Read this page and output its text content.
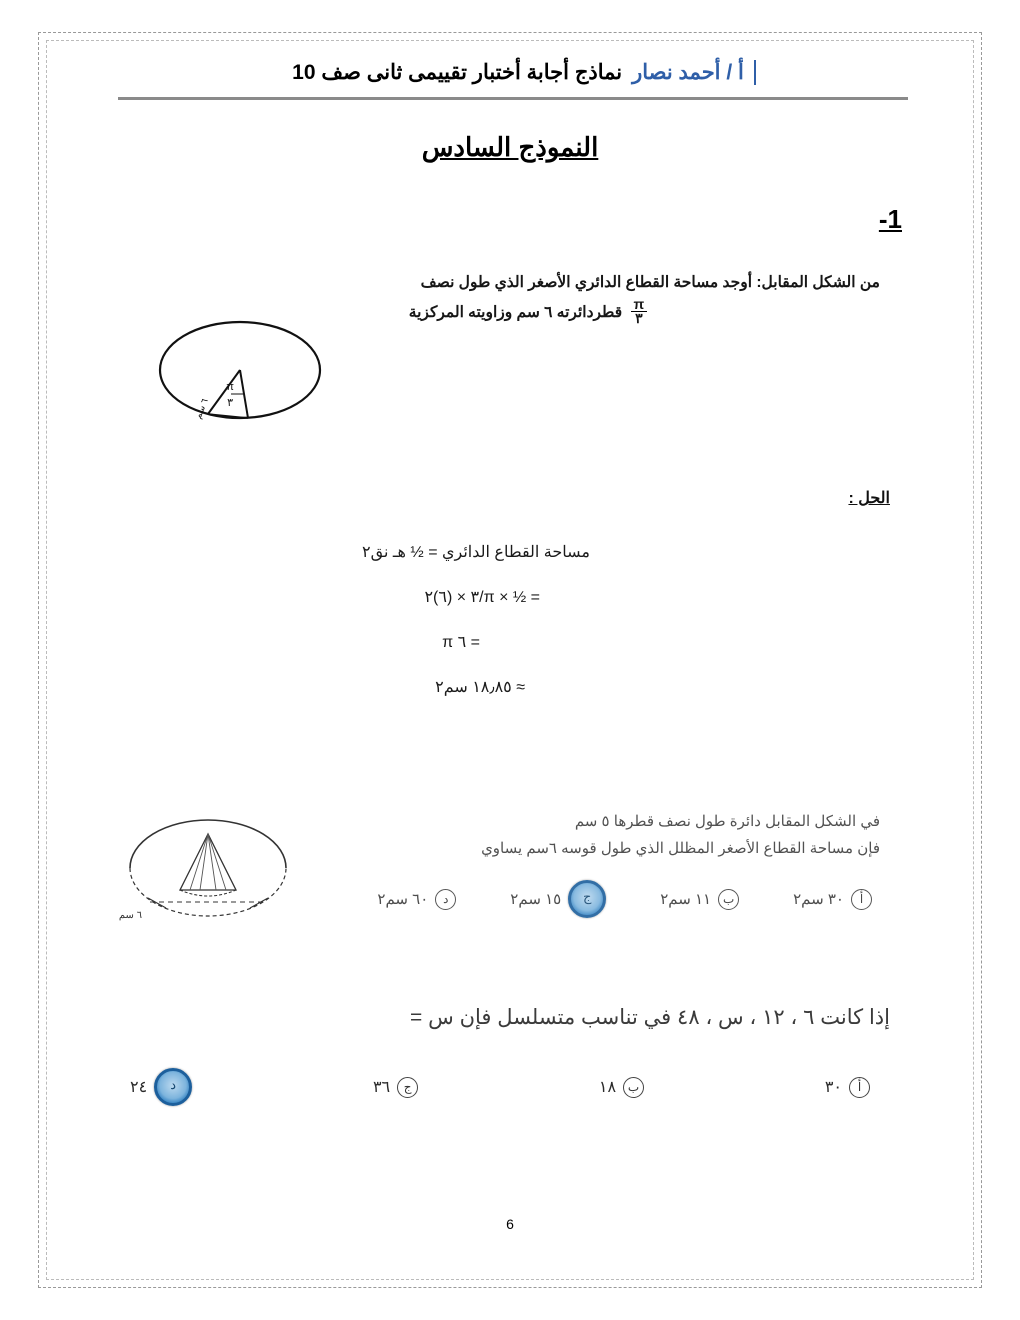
أ / أحمد نصار
نماذج أجابة أختبار تقييمى ثانى صف 10
النموذج السادس
-1
من الشكل المقابل: أوجد مساحة القطاع الدائري الأصغر الذي طول نصف
$\frac{\pi}{٣}$
قطردائرته ٦ سم وزاويته المركزية
π
٣
٦ سم
الحل :
مساحة القطاع الدائري = ½ هـ نق٢
= ½ × π/٣ × (٦)٢
= ٦ π
≈ ١٨٫٨٥ سم٢
٦ سم
في الشكل المقابل دائرة طول نصف قطرها ٥ سم
فإن مساحة القطاع الأصغر المظلل الذي طول قوسه ٦سم يساوي
أ
٣٠ سم٢
ب
١١ سم٢
ج
١٥ سم٢
د
٦٠ سم٢
إذا كانت ٦ ، ١٢ ، س ، ٤٨ في تناسب متسلسل فإن س =
أ
٣٠
ب
١٨
ج
٣٦
د
٢٤
6
